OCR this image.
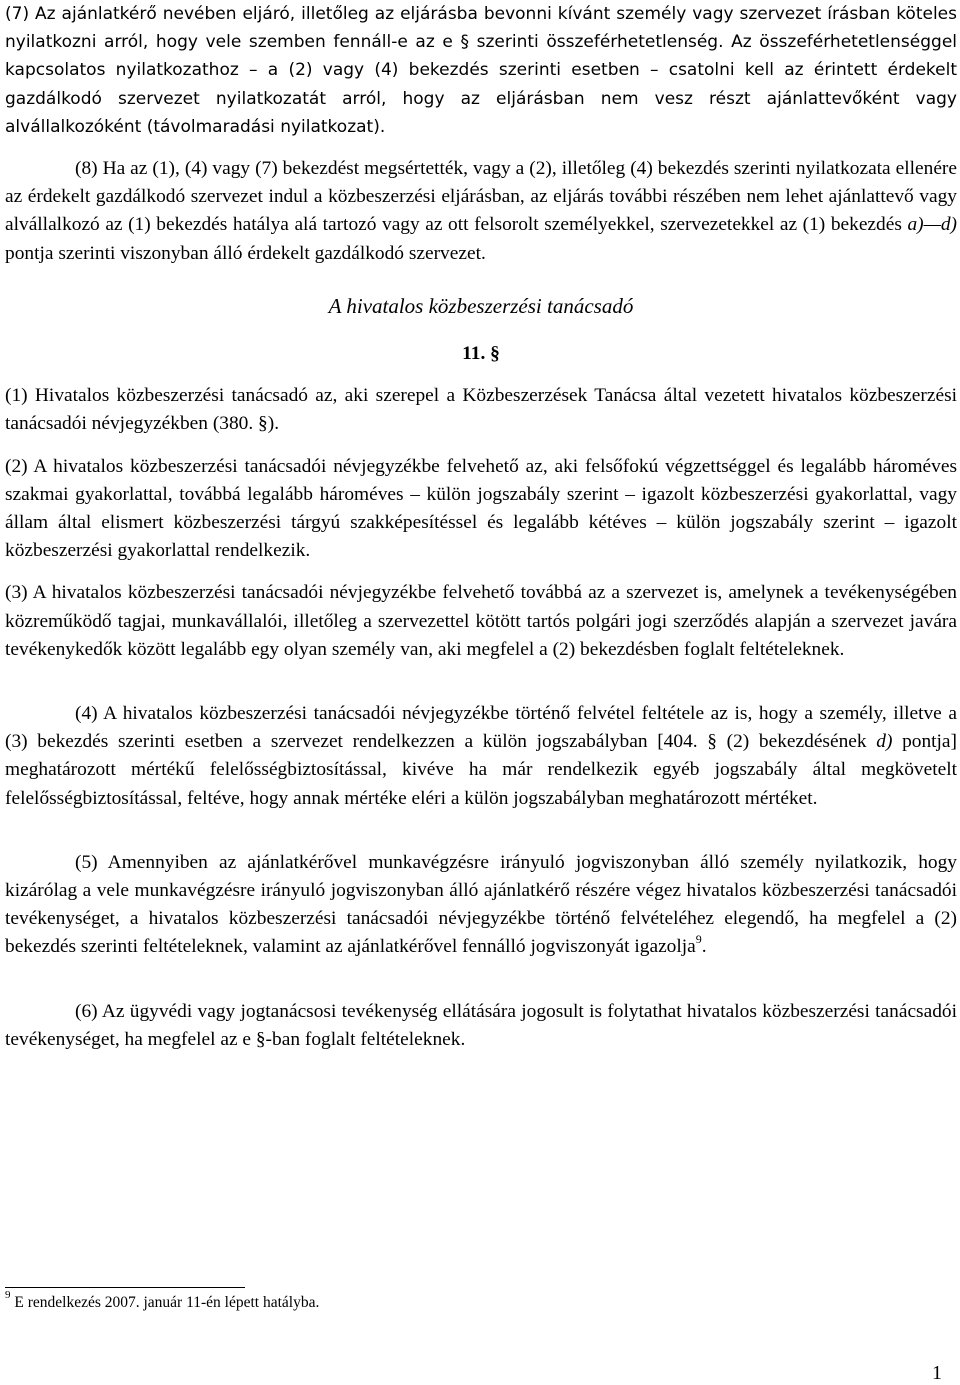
(7) Az ajánlatkérő nevében eljáró, illetőleg az eljárásba bevonni kívánt személy vagy szervezet írásban köteles nyilatkozni arról, hogy vele szemben fennáll-e az e § szerinti összeférhetetlenség. Az összeférhetetlenséggel kapcsolatos nyilatkozathoz – a (2) vagy (4) bekezdés szerinti esetben – csatolni kell az érintett érdekelt gazdálkodó szervezet nyilatkozatát arról, hogy az eljárásban nem vesz részt ajánlattevőként vagy alvállalkozóként (távolmaradási nyilatkozat).

(8) Ha az (1), (4) vagy (7) bekezdést megsértették, vagy a (2), illetőleg (4) bekezdés szerinti nyilatkozata ellenére az érdekelt gazdálkodó szervezet indul a közbeszerzési eljárásban, az eljárás további részében nem lehet ajánlattevő vagy alvállalkozó az (1) bekezdés hatálya alá tartozó vagy az ott felsorolt személyekkel, szervezetekkel az (1) bekezdés a)—d) pontja szerinti viszonyban álló érdekelt gazdálkodó szervezet.

A hivatalos közbeszerzési tanácsadó
11. §

(1) Hivatalos közbeszerzési tanácsadó az, aki szerepel a Közbeszerzések Tanácsa által vezetett hivatalos közbeszerzési tanácsadói névjegyzékben (380. §).

(2) A hivatalos közbeszerzési tanácsadói névjegyzékbe felvehető az, aki felsőfokú végzettséggel és legalább hároméves szakmai gyakorlattal, továbbá legalább hároméves – külön jogszabály szerint – igazolt közbeszerzési gyakorlattal, vagy állam által elismert közbeszerzési tárgyú szakképesítéssel és legalább kétéves – külön jogszabály szerint – igazolt közbeszerzési gyakorlattal rendelkezik.

(3) A hivatalos közbeszerzési tanácsadói névjegyzékbe felvehető továbbá az a szervezet is, amelynek a tevékenységében közreműködő tagjai, munkavállalói, illetőleg a szervezettel kötött tartós polgári jogi szerződés alapján a szervezet javára tevékenykedők között legalább egy olyan személy van, aki megfelel a (2) bekezdésben foglalt feltételeknek.

(4) A hivatalos közbeszerzési tanácsadói névjegyzékbe történő felvétel feltétele az is, hogy a személy, illetve a (3) bekezdés szerinti esetben a szervezet rendelkezzen a külön jogszabályban [404. § (2) bekezdésének d) pontja] meghatározott mértékű felelősségbiztosítással, kivéve ha már rendelkezik egyéb jogszabály által megkövetelt felelősségbiztosítással, feltéve, hogy annak mértéke eléri a külön jogszabályban meghatározott mértéket.

(5) Amennyiben az ajánlatkérővel munkavégzésre irányuló jogviszonyban álló személy nyilatkozik, hogy kizárólag a vele munkavégzésre irányuló jogviszonyban álló ajánlatkérő részére végez hivatalos közbeszerzési tanácsadói tevékenységet, a hivatalos közbeszerzési tanácsadói névjegyzékbe történő felvételéhez elegendő, ha megfelel a (2) bekezdés szerinti feltételeknek, valamint az ajánlatkérővel fennálló jogviszonyát igazolja$^9$.

(6) Az ügyvédi vagy jogtanácsosi tevékenység ellátására jogosult is folytathat hivatalos közbeszerzési tanácsadói tevékenységet, ha megfelel az e §-ban foglalt feltételeknek.

$^9$ E rendelkezés 2007. január 11-én lépett hatályba.
1
